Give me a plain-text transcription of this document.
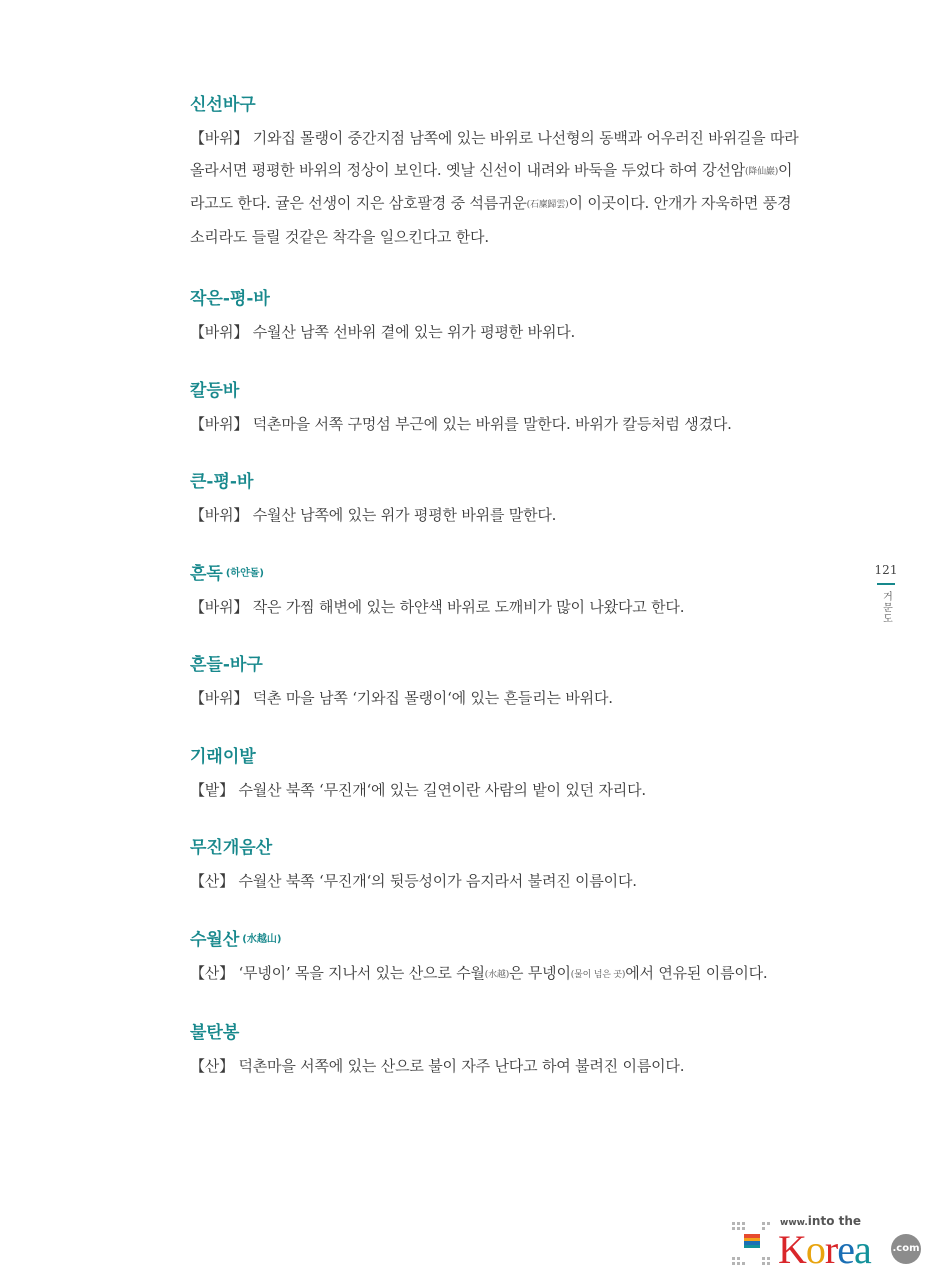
신선바구

【바위】 기와집 몰랭이 중간지점 남쪽에 있는 바위로 나선형의 동백과 어우러진 바위길을 따라 올라서면 평평한 바위의 정상이 보인다. 옛날 신선이 내려와 바둑을 두었다 하여 강선암(降仙巖)이라고도 한다. 귤은 선생이 지은 삼호팔경 중 석름귀운(石廩歸雲)이 이곳이다. 안개가 자욱하면 풍경소리라도 들릴 것같은 착각을 일으킨다고 한다.

작은-평-바

【바위】 수월산 남쪽 선바위 곁에 있는 위가 평평한 바위다.

칼등바

【바위】 덕촌마을 서쪽 구멍섬 부근에 있는 바위를 말한다. 바위가 칼등처럼 생겼다.

큰-평-바

【바위】 수월산 남쪽에 있는 위가 평평한 바위를 말한다.

흔독 (하얀돌)

【바위】 작은 가찜 해변에 있는 하얀색 바위로 도깨비가 많이 나왔다고 한다.

흔들-바구

【바위】 덕촌 마을 남쪽 ‘기와집 몰랭이‘에 있는 흔들리는 바위다.

기래이밭

【밭】 수월산 북쪽 ‘무진개‘에 있는 길연이란 사람의 밭이 있던 자리다.

무진개음산

【산】 수월산 북쪽 ‘무진개‘의 뒷등성이가 음지라서 불려진 이름이다.

수월산 (水越山)

【산】 ‘무넹이’ 목을 지나서 있는 산으로 수월(水越)은 무넹이(물이 넘은 곳)에서 연유된 이름이다.

불탄봉

【산】 덕촌마을 서쪽에 있는 산으로 불이 자주 난다고 하여 불려진 이름이다.

121
거문도
www.into the
Korea .com
